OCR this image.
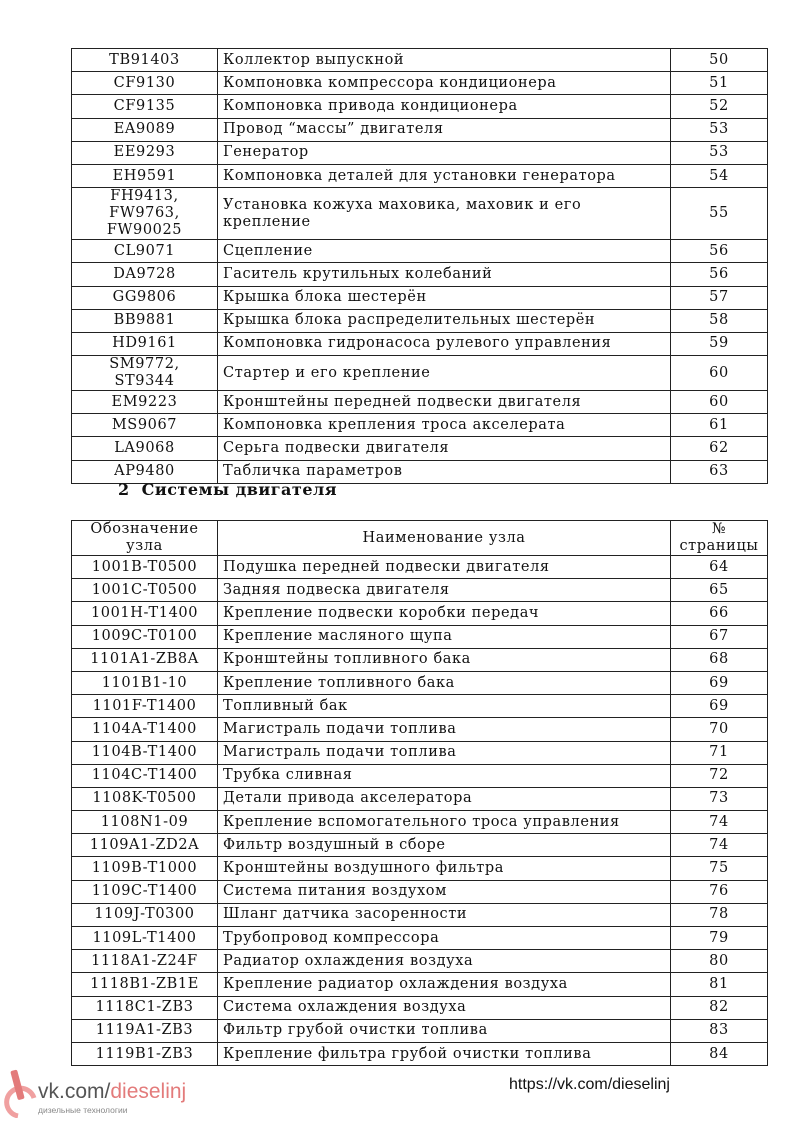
TB91403	Коллектор выпускной	50
CF9130	Компоновка компрессора кондиционера	51
CF9135	Компоновка привода кондиционера	52
EA9089	Провод “массы” двигателя	53
EE9293	Генератор	53
EH9591	Компоновка деталей для установки генератора	54
FH9413, FW9763, FW90025	Установка кожуха маховика, маховик и его крепление	55
CL9071	Сцепление	56
DA9728	Гаситель крутильных колебаний	56
GG9806	Крышка блока шестерён	57
BB9881	Крышка блока распределительных шестерён	58
HD9161	Компоновка гидронасоса рулевого управления	59
SM9772, ST9344	Стартер и его крепление	60
EM9223	Кронштейны передней подвески двигателя	60
MS9067	Компоновка крепления троса акселерата	61
LA9068	Серьга подвески двигателя	62
AP9480	Табличка параметров	63
2 Системы двигателя
Обозначение узла	Наименование узла	№ страницы
1001B-T0500	Подушка передней подвески двигателя	64
1001C-T0500	Задняя подвеска двигателя	65
1001H-T1400	Крепление подвески коробки передач	66
1009C-T0100	Крепление масляного щупа	67
1101A1-ZB8A	Кронштейны топливного бака	68
1101B1-10	Крепление топливного бака	69
1101F-T1400	Топливный бак	69
1104A-T1400	Магистраль подачи топлива	70
1104B-T1400	Магистраль подачи топлива	71
1104C-T1400	Трубка сливная	72
1108K-T0500	Детали привода акселератора	73
1108N1-09	Крепление вспомогательного троса управления	74
1109A1-ZD2A	Фильтр воздушный в сборе	74
1109B-T1000	Кронштейны воздушного фильтра	75
1109C-T1400	Система питания воздухом	76
1109J-T0300	Шланг датчика засоренности	78
1109L-T1400	Трубопровод компрессора	79
1118A1-Z24F	Радиатор охлаждения воздуха	80
1118B1-ZB1E	Крепление радиатор охлаждения воздуха	81
1118C1-ZB3	Система охлаждения воздуха	82
1119A1-ZB3	Фильтр грубой очистки топлива	83
1119B1-ZB3	Крепление фильтра грубой очистки топлива	84
vk.com/dieselinj
дизельные технологии
https://vk.com/dieselinj
